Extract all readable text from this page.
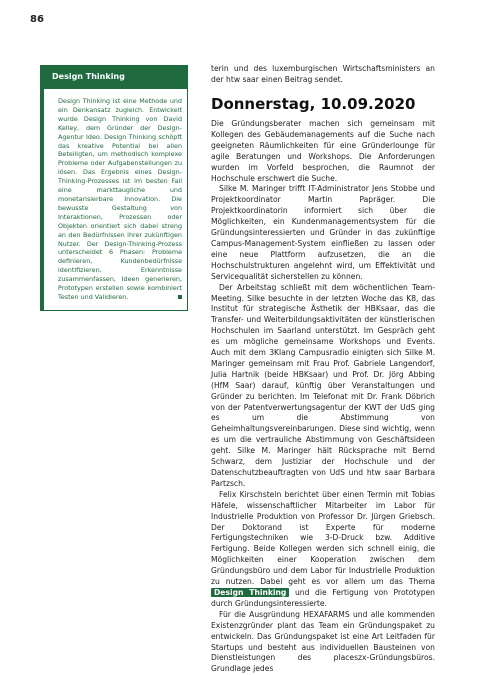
86
Design Thinking

Design Thinking ist eine Methode und ein Denkansatz zugleich. Entwickelt wurde Design Thinking von David Kelley, dem Gründer der Design-Agentur Ideo. Design Thinking schöpft das kreative Potential bei allen Beteiligten, um methodisch komplexe Probleme oder Aufgabenstellungen zu lösen. Das Ergebnis eines Design-Thinking-Prozesses ist im besten Fall eine markttaugliche und monetarisierbare Innovation. Die bewusste Gestaltung von Interaktionen, Prozessen oder Objekten orientiert sich dabei streng an den Bedürfnissen ihrer zukünftigen Nutzer. Der Design-Thinking-Prozess unterscheidet 6 Phasen: Probleme definieren, Kundenbedürfnisse identifizieren, Erkenntnisse zusammenfassen, Ideen generieren, Prototypen erstellen sowie kombiniert Testen und Validieren.

terin und des luxemburgischen Wirtschaftsministers an der htw saar einen Beitrag sendet.

Donnerstag, 10.09.2020

Die Gründungsberater machen sich gemeinsam mit Kollegen des Gebäudemanagements auf die Suche nach geeigneten Räumlichkeiten für eine Gründerlounge für agile Beratungen und Workshops. Die Anforderungen wurden im Vorfeld besprochen, die Raumnot der Hochschule erschwert die Suche.

Silke M. Maringer trifft IT-Administrator Jens Stobbe und Projektkoordinator Martin Papräger. Die Projektkoordinatorin informiert sich über die Möglichkeiten, ein Kundenmanagementsystem für die Gründungsinteressierten und Gründer in das zukünftige Campus-Management-System einfließen zu lassen oder eine neue Plattform aufzusetzen, die an die Hochschulstrukturen angelehnt wird, um Effektivität und Servicequalität sicherstellen zu können.

Der Arbeitstag schließt mit dem wöchentlichen Team-Meeting. Silke besuchte in der letzten Woche das K8, das Institut für strategische Ästhetik der HBKsaar, das die Transfer- und Weiterbildungsaktivitäten der künstlerischen Hochschulen im Saarland unterstützt. Im Gespräch geht es um mögliche gemeinsame Workshops und Events. Auch mit dem 3Klang Campusradio einigten sich Silke M. Maringer gemeinsam mit Frau Prof. Gabriele Langendorf, Julia Hartnik (beide HBKsaar) und Prof. Dr. Jörg Abbing (HfM Saar) darauf, künftig über Veranstaltungen und Gründer zu berichten. Im Telefonat mit Dr. Frank Döbrich von der Patentverwertungsagentur der KWT der UdS ging es um die Abstimmung von Geheimhaltungsvereinbarungen. Diese sind wichtig, wenn es um die vertrauliche Abstimmung von Geschäftsideen geht. Silke M. Maringer hält Rücksprache mit Bernd Schwarz, dem Justiziar der Hochschule und der Datenschutzbeauftragten von UdS und htw saar Barbara Partzsch.

Felix Kirschstein berichtet über einen Termin mit Tobias Häfele, wissenschaftlicher Mitarbeiter im Labor für Industrielle Produktion von Professor Dr. Jürgen Griebsch. Der Doktorand ist Experte für moderne Fertigungstechniken wie 3-D-Druck bzw. Additive Fertigung. Beide Kollegen werden sich schnell einig, die Möglichkeiten einer Kooperation zwischen dem Gründungsbüro und dem Labor für Industrielle Produktion zu nutzen. Dabei geht es vor allem um das Thema Design Thinking und die Fertigung von Prototypen durch Gründungsinteressierte.

Für die Ausgründung HEXAFARMS und alle kommenden Existenzgründer plant das Team ein Gründungspaket zu entwickeln. Das Gründungspaket ist eine Art Leitfaden für Startups und besteht aus individuellen Bausteinen von Dienstleistungen des placeszx-Gründungsbüros. Grundlage jedes
